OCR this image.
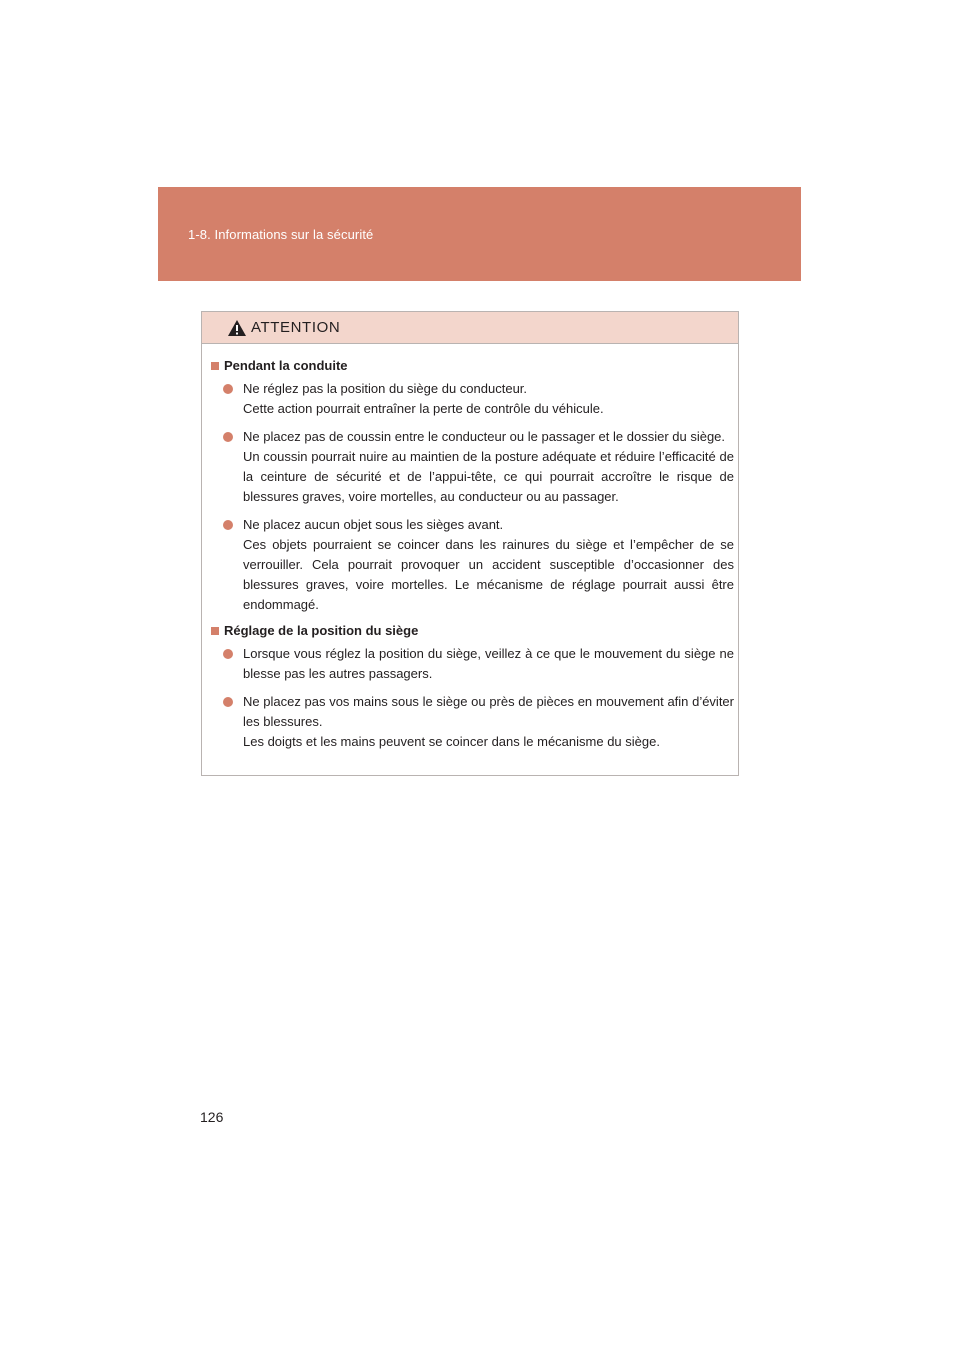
1-8. Informations sur la sécurité
ATTENTION
Pendant la conduite

Ne réglez pas la position du siège du conducteur.

Cette action pourrait entraîner la perte de contrôle du véhicule.

Ne placez pas de coussin entre le conducteur ou le passager et le dossier du siège.

Un coussin pourrait nuire au maintien de la posture adéquate et réduire l’efficacité de la ceinture de sécurité et de l’appui-tête, ce qui pourrait accroître le risque de blessures graves, voire mortelles, au conducteur ou au passager.

Ne placez aucun objet sous les sièges avant.

Ces objets pourraient se coincer dans les rainures du siège et l’empêcher de se verrouiller. Cela pourrait provoquer un accident susceptible d’occasionner des blessures graves, voire mortelles. Le mécanisme de réglage pourrait aussi être endommagé.

Réglage de la position du siège

Lorsque vous réglez la position du siège, veillez à ce que le mouvement du siège ne blesse pas les autres passagers.

Ne placez pas vos mains sous le siège ou près de pièces en mouvement afin d’éviter les blessures.

Les doigts et les mains peuvent se coincer dans le mécanisme du siège.

126
